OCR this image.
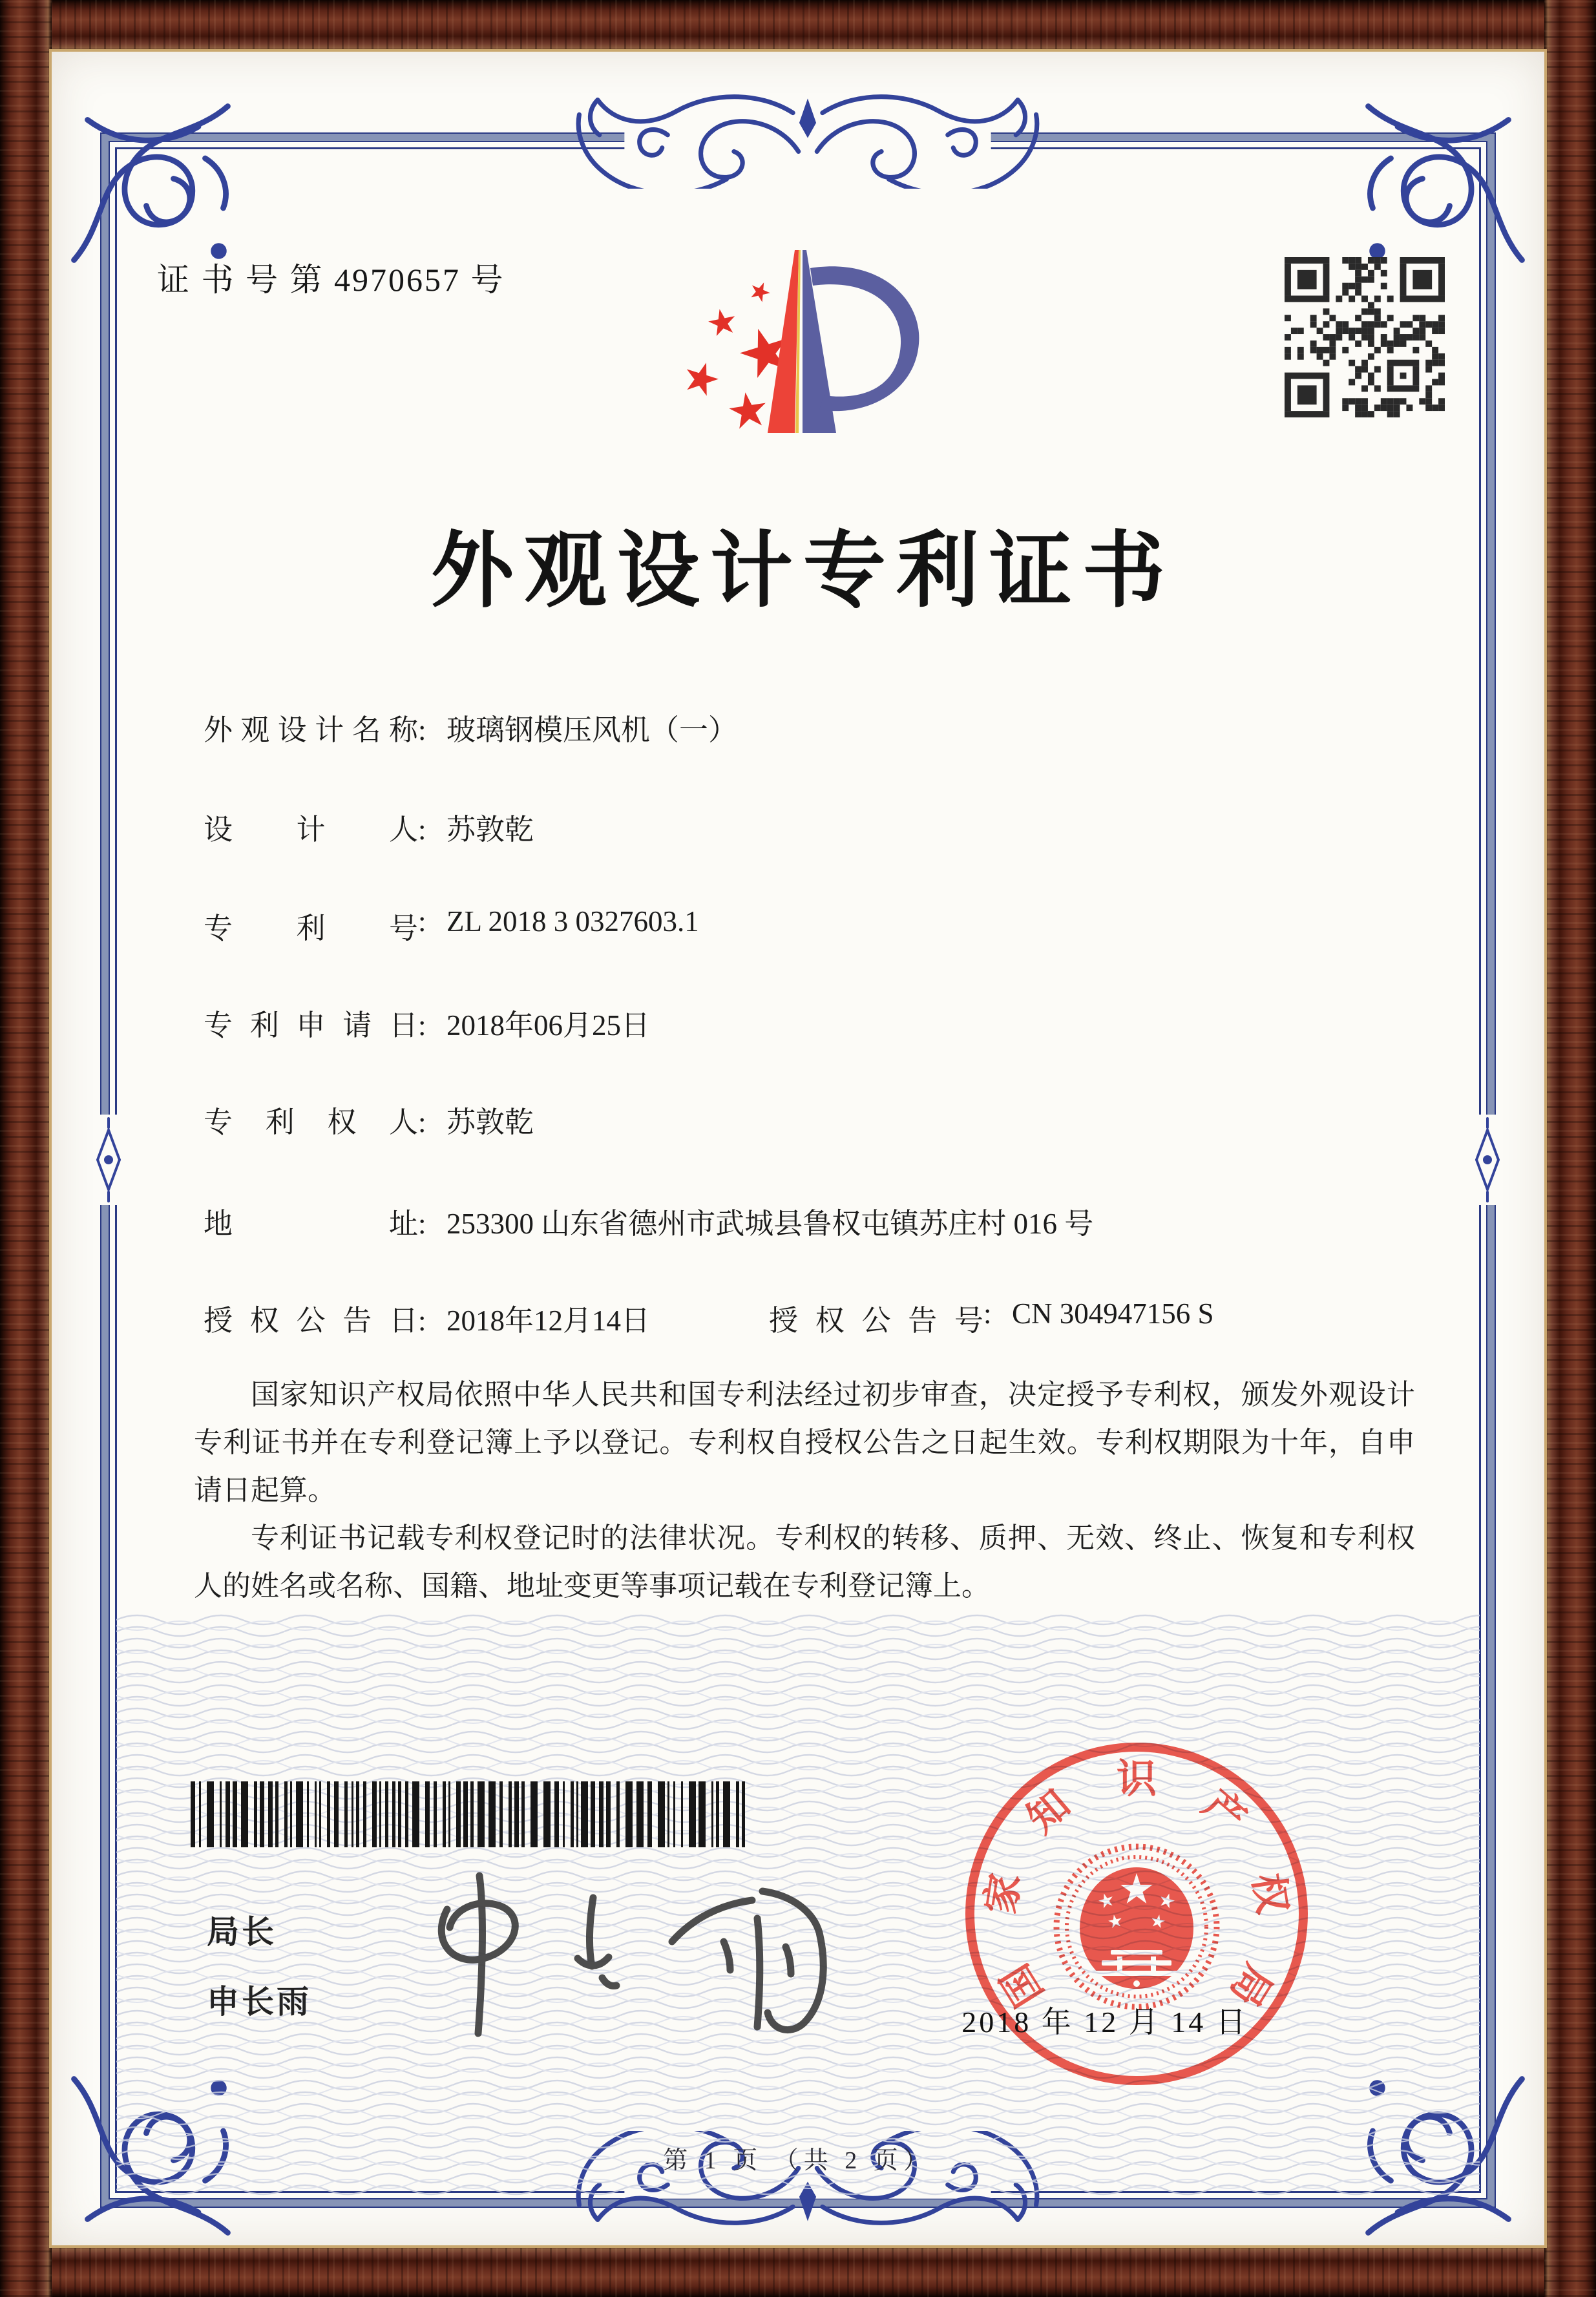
证 书 号 第 4970657 号
外观设计专利证书
外观设计名称: 玻璃钢模压风机（一）
设计人: 苏敦乾
专利号: ZL 2018 3 0327603.1
专利申请日: 2018年06月25日
专利权人: 苏敦乾
地址: 253300 山东省德州市武城县鲁权屯镇苏庄村 016 号
授权公告日: 2018年12月14日	授权公告号: CN 304947156 S

国家知识产权局依照中华人民共和国专利法经过初步审查，决定授予专利权，颁发外观设计专利证书并在专利登记簿上予以登记。专利权自授权公告之日起生效。专利权期限为十年，自申请日起算。

专利证书记载专利权登记时的法律状况。专利权的转移、质押、无效、终止、恢复和专利权人的姓名或名称、国籍、地址变更等事项记载在专利登记簿上。

局长
申长雨	国
家
知
识
产
权
局
2018 年 12 月 14 日
第 1 页 （共 2 页）
